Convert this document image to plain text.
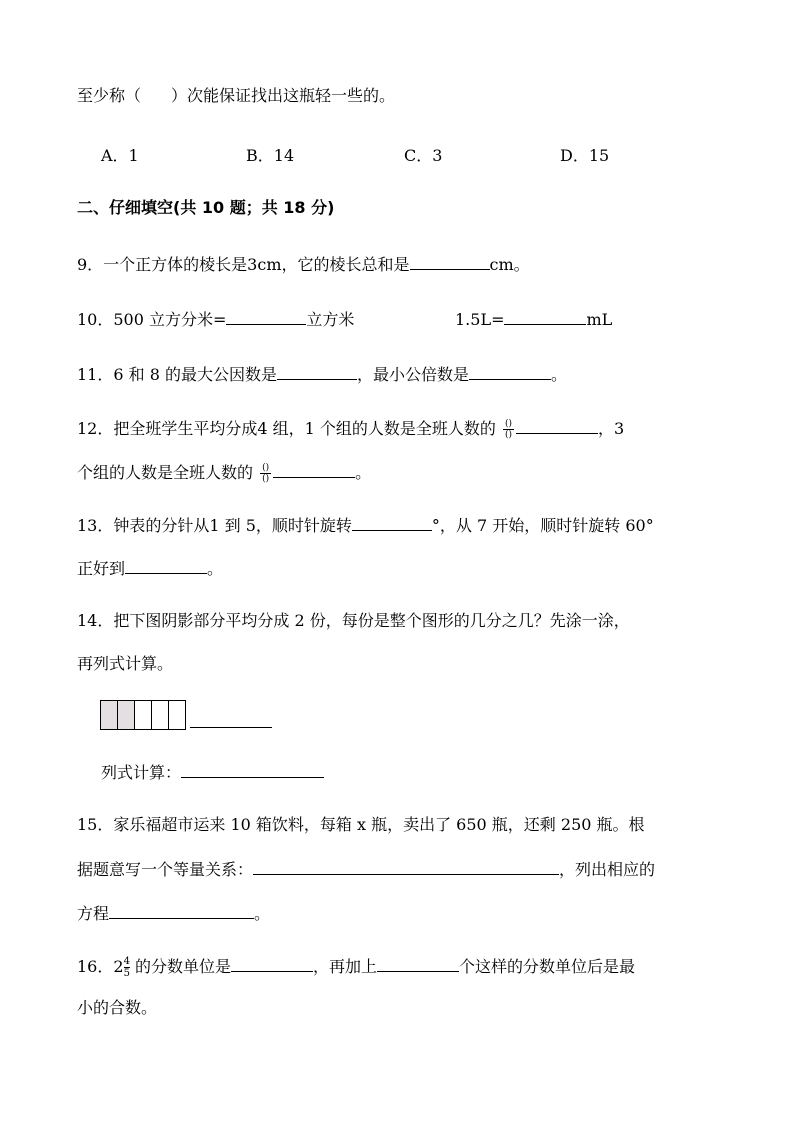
至少称（ ）次能保证找出这瓶轻一些的。
A．1	B．14	C．3	D．15
二、仔细填空(共 10 题；共 18 分)
9．一个正方体的棱长是3cm，它的棱长总和是	cm。
10．500 立方分米=	立方米	1.5L=	mL
11．6 和 8 的最大公因数是	，最小公倍数是	。
12．把全班学生平均分成4 组，1 个组的人数是全班人数的 $\frac{()}{()}$	，3
个组的人数是全班人数的 $\frac{()}{()}$	。
13．钟表的分针从1 到 5，顺时针旋转	°，从 7 开始，顺时针旋转 60°
正好到	。
14．把下图阴影部分平均分成 2 份，每份是整个图形的几分之几？先涂一涂，
再列式计算。
列式计算：
15．家乐福超市运来 10 箱饮料，每箱 x 瓶，卖出了 650 瓶，还剩 250 瓶。根
据题意写一个等量关系：	，列出相应的
方程	。
16．$2 \frac{4}{5}$ 的分数单位是	，再加上	个这样的分数单位后是最
小的合数。
